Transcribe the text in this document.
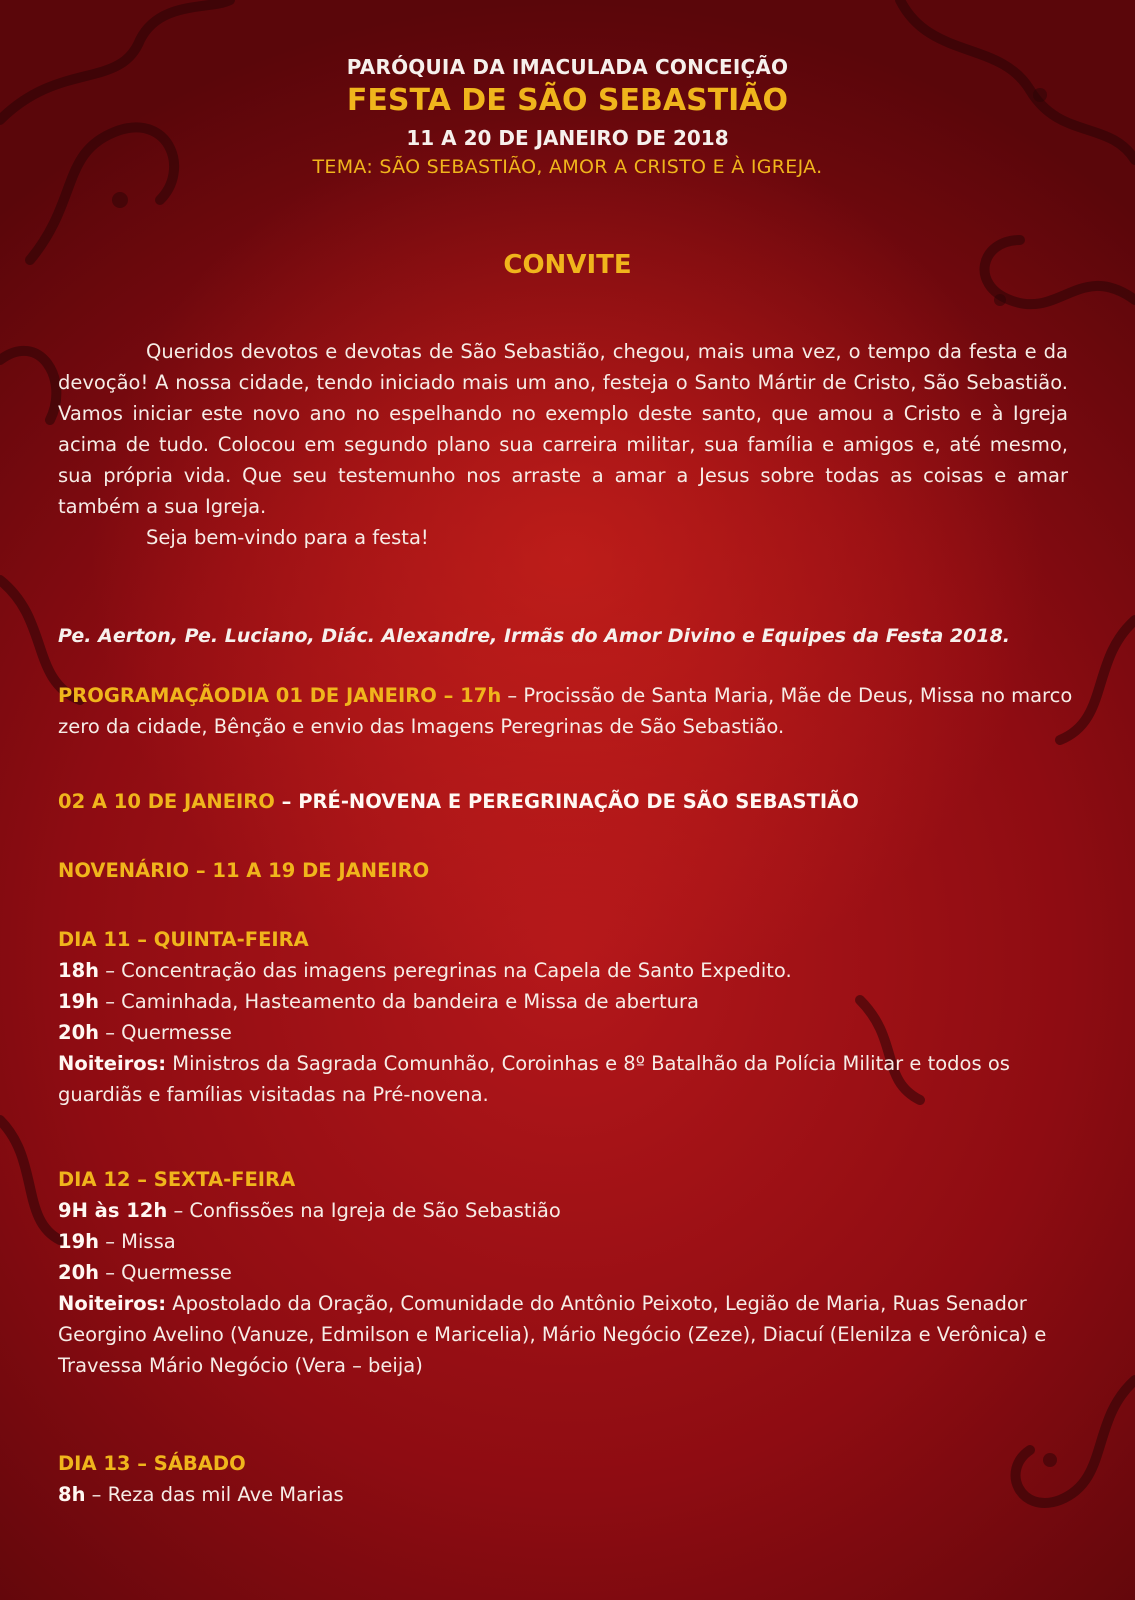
PARÓQUIA DA IMACULADA CONCEIÇÃO
FESTA DE SÃO SEBASTIÃO
11 A 20 DE JANEIRO DE 2018
TEMA: SÃO SEBASTIÃO, AMOR A CRISTO E À IGREJA.
CONVITE
Queridos devotos e devotas de São Sebastião, chegou, mais uma vez, o tempo da festa e da devoção! A nossa cidade, tendo iniciado mais um ano, festeja o Santo Mártir de Cristo, São Sebastião. Vamos iniciar este novo ano no espelhando no exemplo deste santo, que amou a Cristo e à Igreja acima de tudo. Colocou em segundo plano sua carreira militar, sua família e amigos e, até mesmo, sua própria vida. Que seu testemunho nos arraste a amar a Jesus sobre todas as coisas e amar também a sua Igreja.
Seja bem-vindo para a festa!
Pe. Aerton, Pe. Luciano, Diác. Alexandre, Irmãs do Amor Divino e Equipes da Festa 2018.
PROGRAMAÇÃODIA 01 DE JANEIRO – 17h – Procissão de Santa Maria, Mãe de Deus, Missa no marco zero da cidade, Bênção e envio das Imagens Peregrinas de São Sebastião.
02 A 10 DE JANEIRO – PRÉ-NOVENA E PEREGRINAÇÃO DE SÃO SEBASTIÃO
NOVENÁRIO – 11 A 19 DE JANEIRO
DIA 11 – QUINTA-FEIRA
18h – Concentração das imagens peregrinas na Capela de Santo Expedito.
19h – Caminhada, Hasteamento da bandeira e Missa de abertura
20h – Quermesse
Noiteiros: Ministros da Sagrada Comunhão, Coroinhas e 8º Batalhão da Polícia Militar e todos os guardiãs e famílias visitadas na Pré-novena.
DIA 12 – SEXTA-FEIRA
9H às 12h – Confissões na Igreja de São Sebastião
19h – Missa
20h – Quermesse
Noiteiros: Apostolado da Oração, Comunidade do Antônio Peixoto, Legião de Maria, Ruas Senador Georgino Avelino (Vanuze, Edmilson e Maricelia), Mário Negócio (Zeze), Diacuí (Elenilza e Verônica) e Travessa Mário Negócio (Vera – beija)
DIA 13 – SÁBADO
8h – Reza das mil Ave Marias
